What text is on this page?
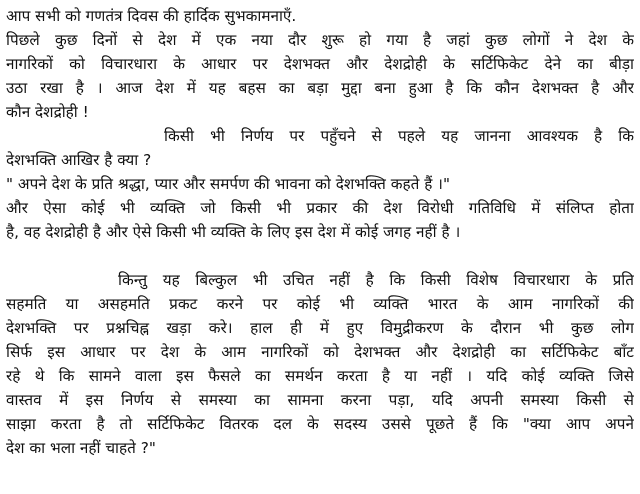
आप सभी को गणतंत्र दिवस की हार्दिक सुभकामनाएँ.
पिछले कुछ दिनों से देश में एक नया दौर शुरू हो गया है जहां कुछ लोगों ने देश के
नागरिकों को विचारधारा के आधार पर देशभक्त और देशद्रोही के सर्टिफिकेट देने का बीड़ा
उठा रखा है । आज देश में यह बहस का बड़ा मुद्दा बना हुआ है कि कौन देशभक्त है और
कौन देशद्रोही !
किसी भी निर्णय पर पहुँचने से पहले यह जानना आवश्यक है कि
देशभक्ति आखिर है क्या ?
" अपने देश के प्रति श्रद्धा, प्यार और समर्पण की भावना को देशभक्ति कहते हैं ।"
और ऐसा कोई भी व्यक्ति जो किसी भी प्रकार की देश विरोधी गतिविधि में संलिप्त होता
है, वह देशद्रोही है और ऐसे किसी भी व्यक्ति के लिए इस देश में कोई जगह नहीं है ।
किन्तु यह बिल्कुल भी उचित नहीं है कि किसी विशेष विचारधारा के प्रति
सहमति या असहमति प्रकट करने पर कोई भी व्यक्ति भारत के आम नागरिकों की
देशभक्ति पर प्रश्नचिह्न खड़ा करे। हाल ही में हुए विमुद्रीकरण के दौरान भी कुछ लोग
सिर्फ इस आधार पर देश के आम नागरिकों को देशभक्त और देशद्रोही का सर्टिफिकेट बाँट
रहे थे कि सामने वाला इस फैसले का समर्थन करता है या नहीं । यदि कोई व्यक्ति जिसे
वास्तव में इस निर्णय से समस्या का सामना करना पड़ा, यदि अपनी समस्या किसी से
साझा करता है तो सर्टिफिकेट वितरक दल के सदस्य उससे पूछते हैं कि "क्या आप अपने
देश का भला नहीं चाहते ?"
